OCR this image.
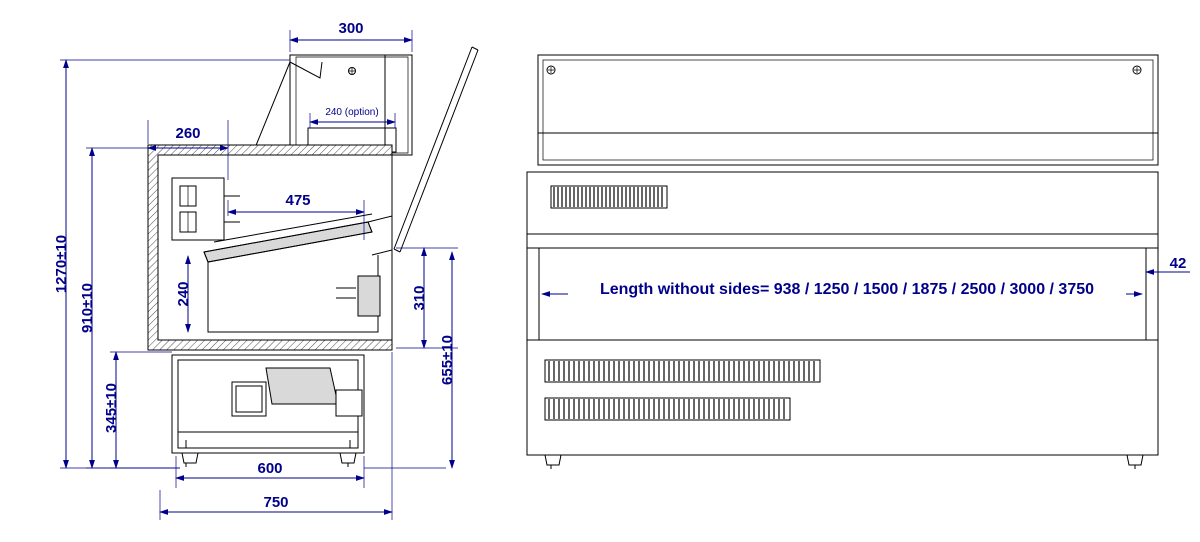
300
240 (option)
260
475
240
1270±10
910±10
345±10
310
655±10
600
750
Length without sides= 938 / 1250 / 1500 / 1875 / 2500 / 3000 / 3750
42
